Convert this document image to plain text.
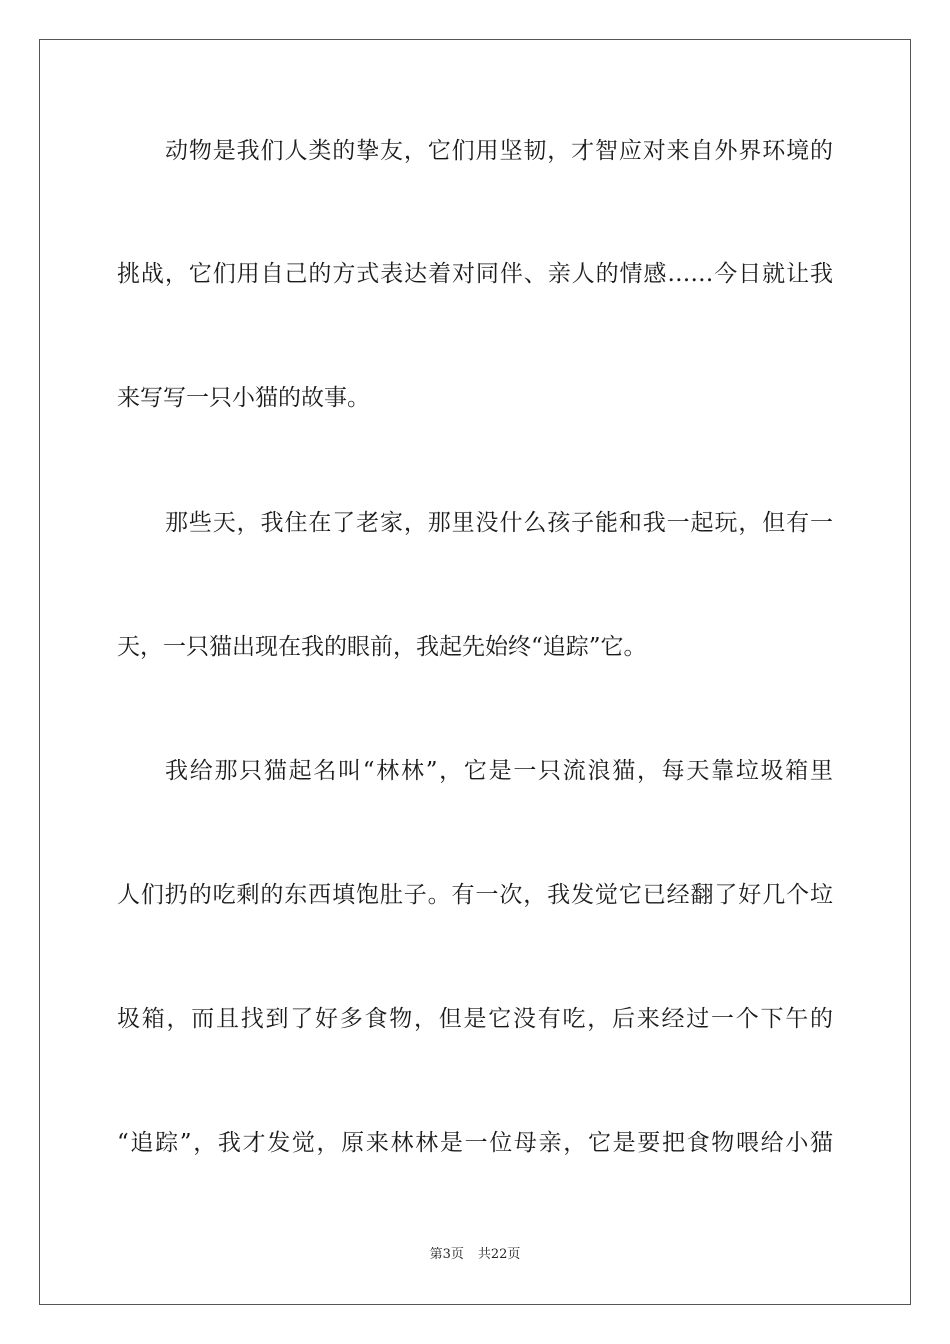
动物是我们人类的挚友，它们用坚韧，才智应对来自外界环境的
挑战，它们用自己的方式表达着对同伴、亲人的情感……今日就让我
来写写一只小猫的故事。
那些天，我住在了老家，那里没什么孩子能和我一起玩，但有一
天，一只猫出现在我的眼前，我起先始终“追踪”它。
我给那只猫起名叫“林林”，它是一只流浪猫，每天靠垃圾箱里
人们扔的吃剩的东西填饱肚子。有一次，我发觉它已经翻了好几个垃
圾箱，而且找到了好多食物，但是它没有吃，后来经过一个下午的
“追踪”，我才发觉，原来林林是一位母亲，它是要把食物喂给小猫
第3页 共22页
